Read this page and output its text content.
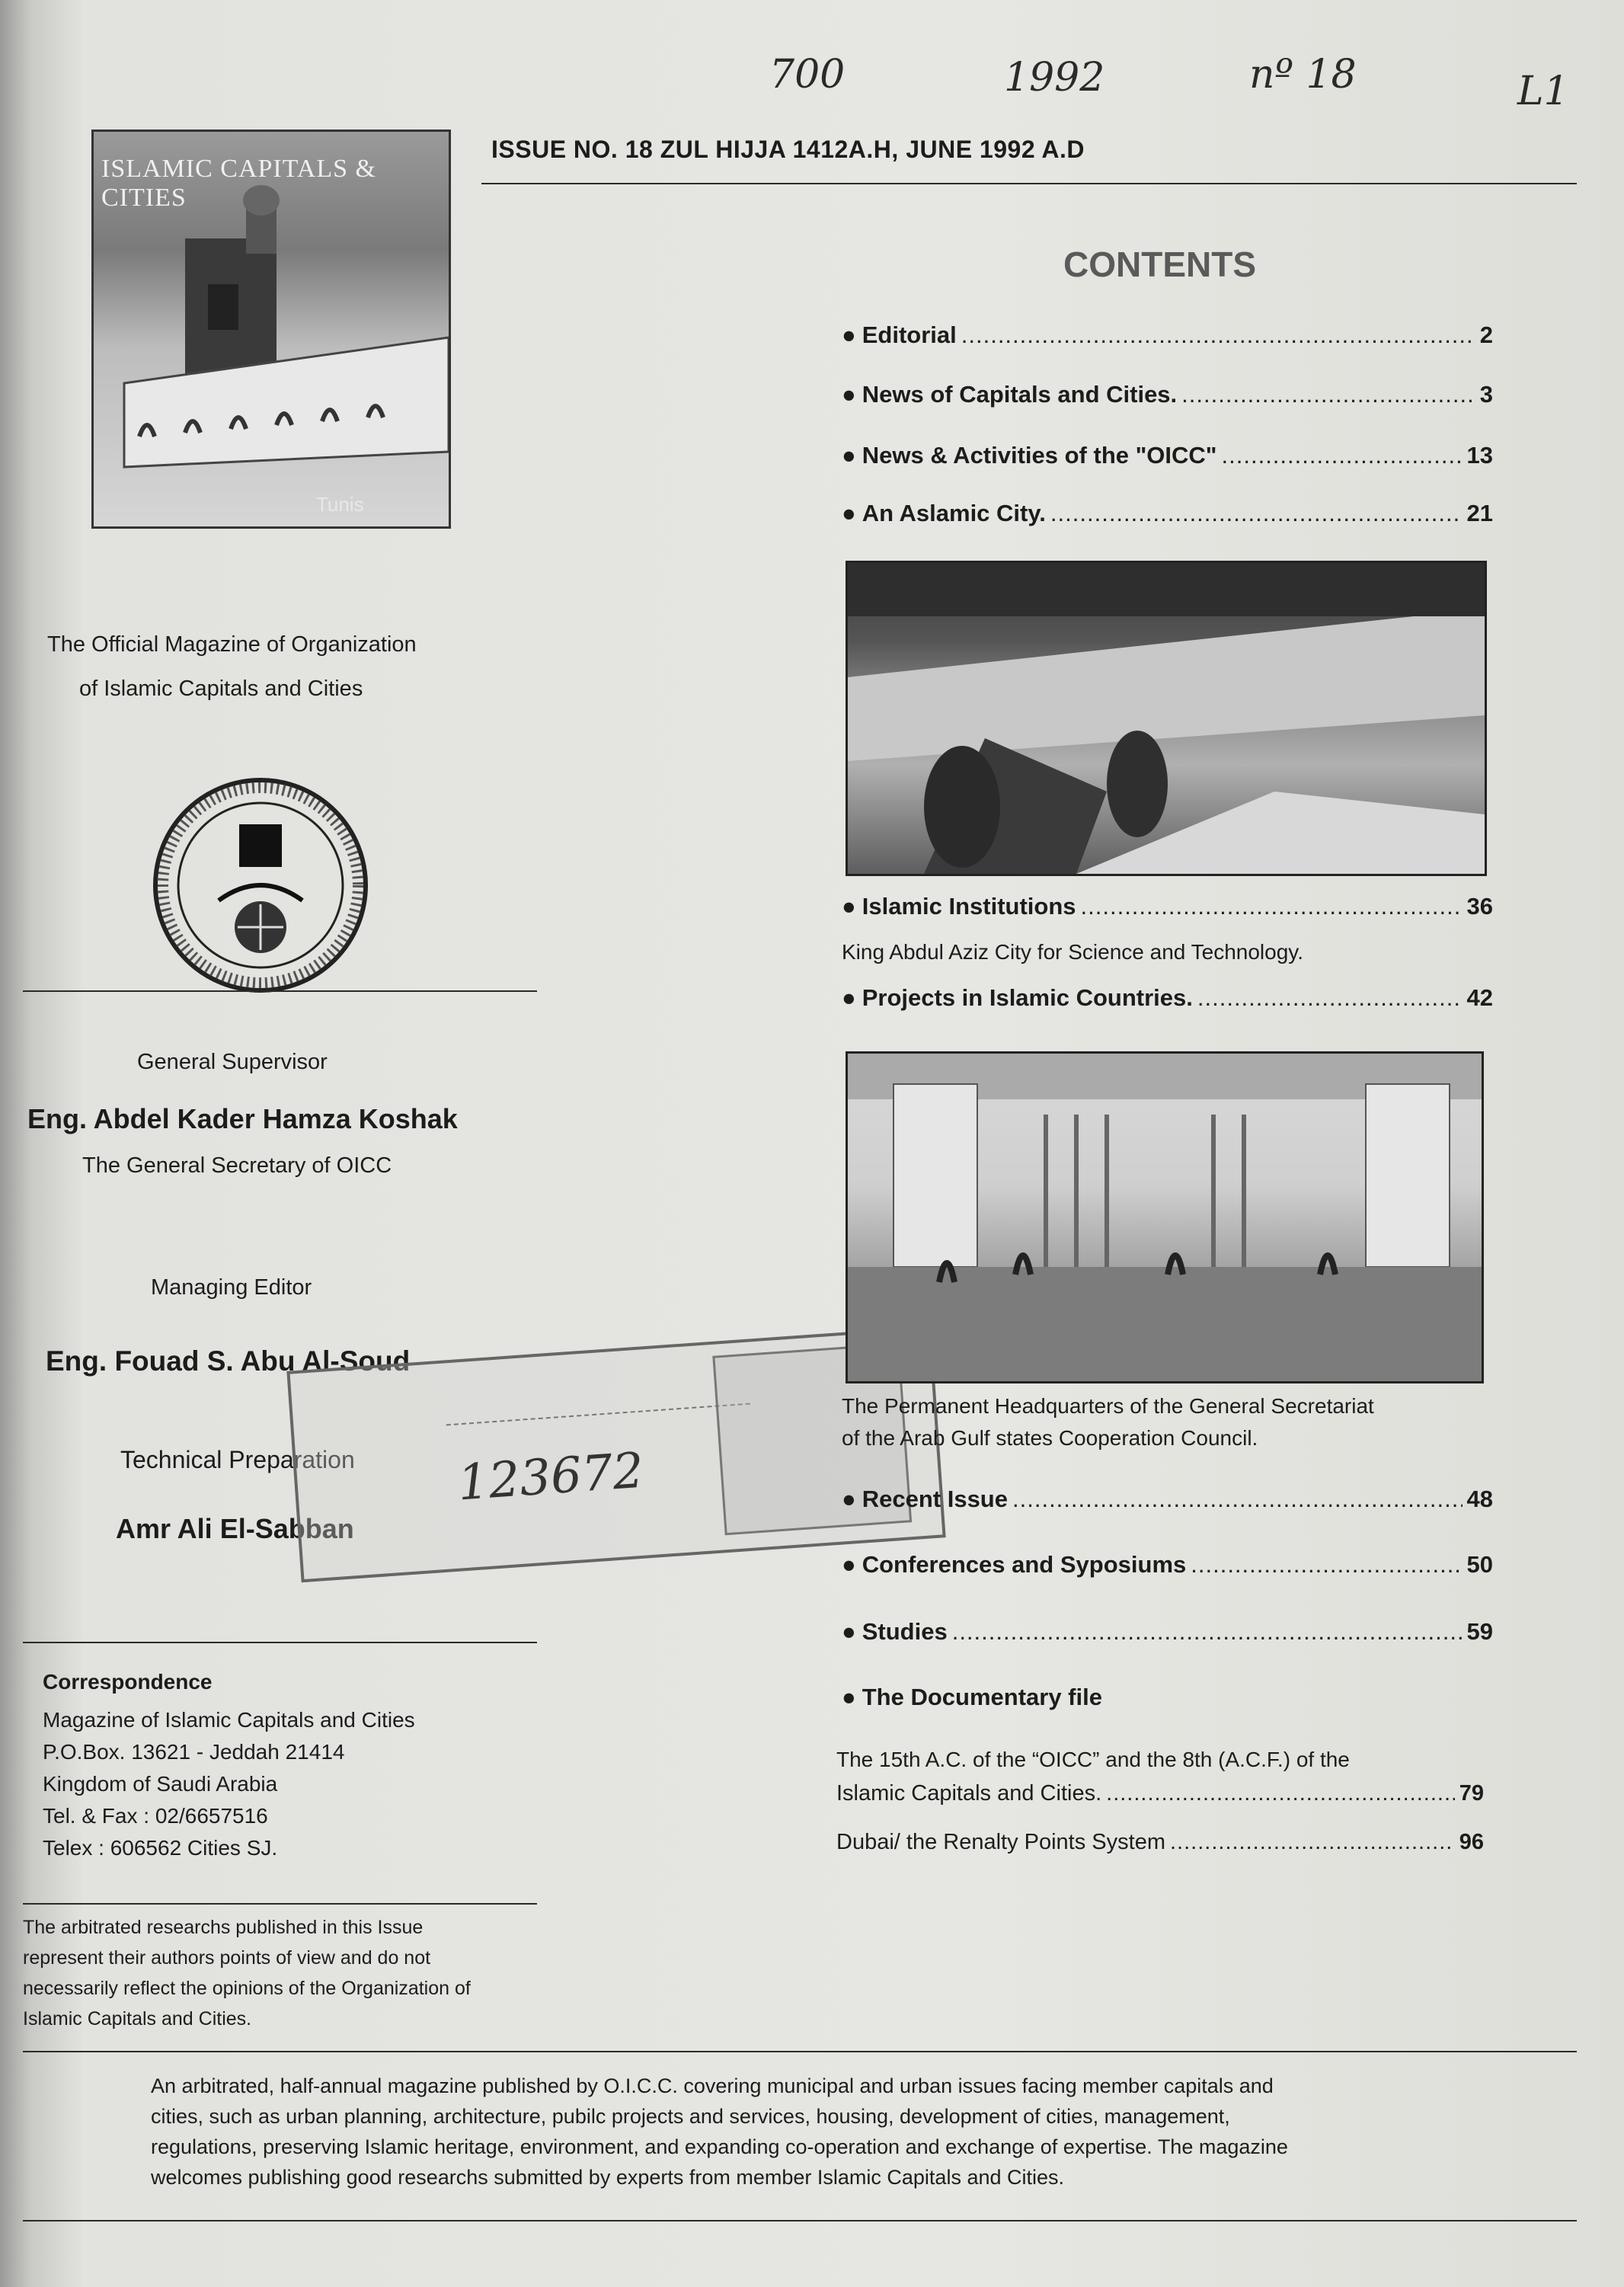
700	1992	nº 18	L1
ISSUE NO. 18 ZUL HIJJA 1412A.H, JUNE 1992 A.D
ISLAMIC CAPITALS & CITIES
Tunis
The Official Magazine of Organization
of Islamic Capitals and Cities
General Supervisor
Eng. Abdel Kader Hamza Koshak
The General Secretary of OICC
Managing Editor
Eng. Fouad S. Abu Al-Soud
Technical Preparation
Amr Ali El-Sabban
123672
Correspondence
Magazine of Islamic Capitals and Cities
P.O.Box. 13621 - Jeddah 21414
Kingdom of Saudi Arabia
Tel. & Fax : 02/6657516
Telex : 606562 Cities SJ.
The arbitrated researchs published in this Issue
represent their authors points of view and do not
necessarily reflect the opinions of the Organization of
Islamic Capitals and Cities.
CONTENTS
● Editorial .....	2
● News of Capitals and Cities. .....	3
● News & Activities of the "OICC" .....	13
● An Aslamic City. .....	21
● Islamic Institutions .....	36
King Abdul Aziz City for Science and Technology.
● Projects in Islamic Countries. .....	42
The Permanent Headquarters of the General Secretariat
of the Arab Gulf states Cooperation Council.
● Recent Issue .....	48
● Conferences and Syposiums .....	50
● Studies .....	59
● The Documentary file
The 15th A.C. of the “OICC” and the 8th (A.C.F.) of the
Islamic Capitals and Cities. .....	79
Dubai/ the Renalty Points System .....	96
An arbitrated, half-annual magazine published by O.I.C.C. covering municipal and urban issues facing member capitals and
cities, such as urban planning, architecture, pubilc projects and services, housing, development of cities, management,
regulations, preserving Islamic heritage, environment, and expanding co-operation and exchange of expertise. The magazine
welcomes publishing good researchs submitted by experts from member Islamic Capitals and Cities.
